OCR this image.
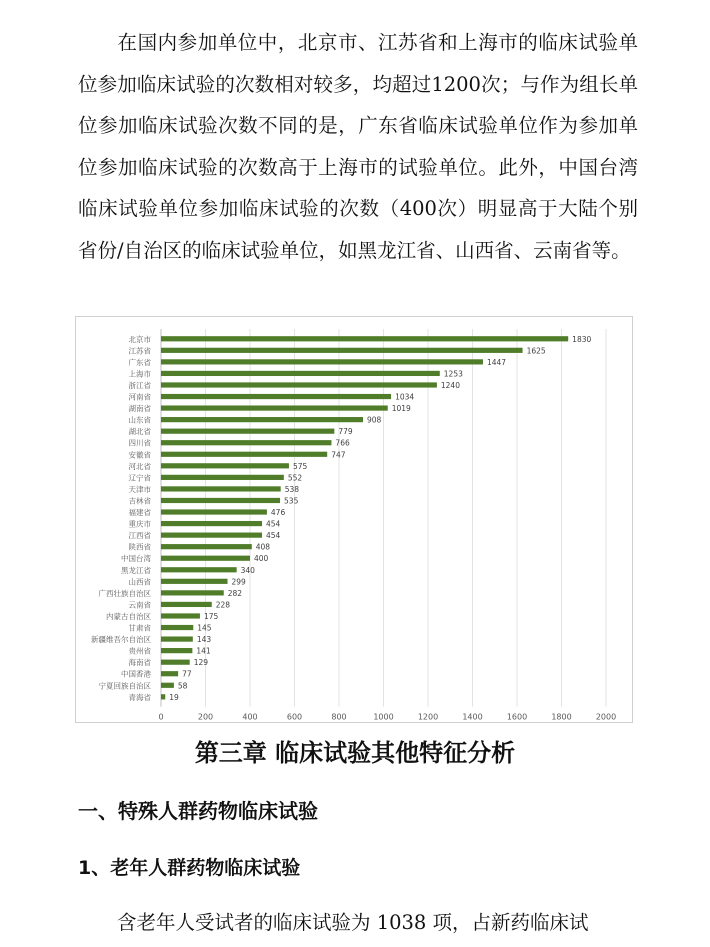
在国内参加单位中，北京市、江苏省和上海市的临床试验单位参加临床试验的次数相对较多，均超过1200次；与作为组长单位参加临床试验次数不同的是，广东省临床试验单位作为参加单位参加临床试验的次数高于上海市的试验单位。此外，中国台湾临床试验单位参加临床试验的次数（400次）明显高于大陆个别省份/自治区的临床试验单位，如黑龙江省、山西省、云南省等。

0	200	400	600	800	1000	1200	1400	1600	1800	2000
北京市	1830
江苏省	1625
广东省	1447
上海市	1253
浙江省	1240
河南省	1034
湖南省	1019
山东省	908
湖北省	779
四川省	766
安徽省	747
河北省	575
辽宁省	552
天津市	538
吉林省	535
福建省	476
重庆市	454
江西省	454
陕西省	408
中国台湾	400
黑龙江省	340
山西省	299
广西壮族自治区	282
云南省	228
内蒙古自治区	175
甘肃省	145
新疆维吾尔自治区	143
贵州省	141
海南省	129
中国香港	77
宁夏回族自治区	58
青海省 19
第三章 临床试验其他特征分析
一、特殊人群药物临床试验
1、老年人群药物临床试验

含老年人受试者的临床试验为 1038 项，占新药临床试
